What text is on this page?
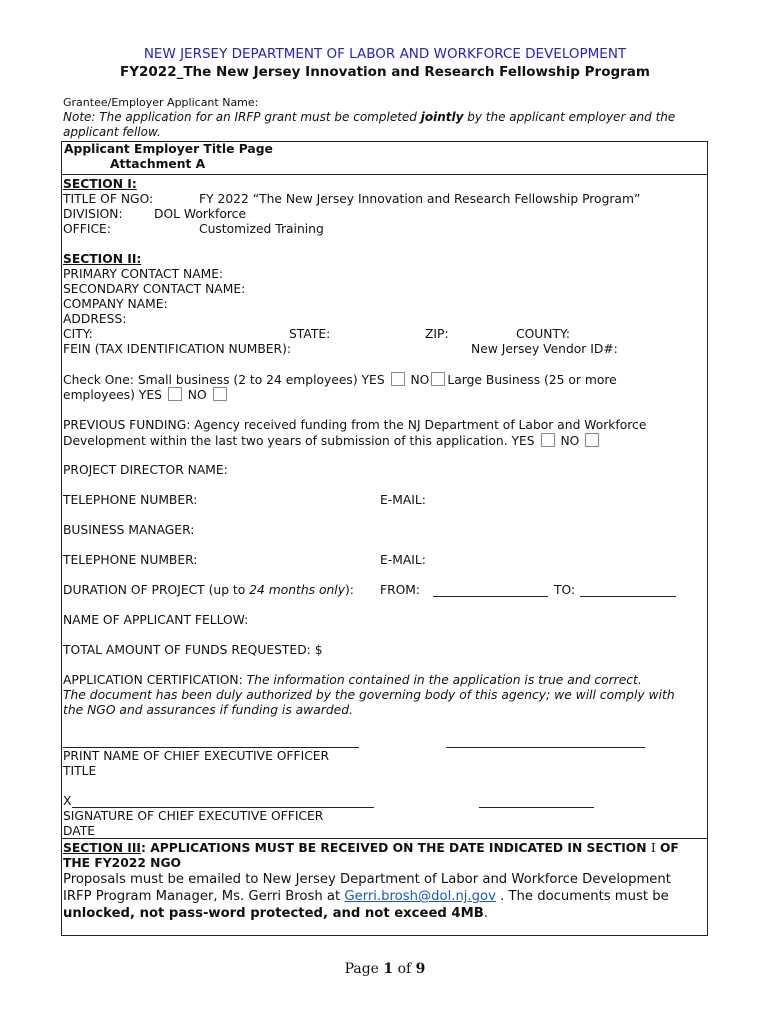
NEW JERSEY DEPARTMENT OF LABOR AND WORKFORCE DEVELOPMENT
FY2022_The New Jersey Innovation and Research Fellowship Program
Grantee/Employer Applicant Name:
Note: The application for an IRFP grant must be completed jointly by the applicant employer and the
applicant fellow.
Applicant Employer Title Page
Attachment A
SECTION I:
TITLE OF NGO:	FY 2022 “The New Jersey Innovation and Research Fellowship Program”
DIVISION:	DOL Workforce
OFFICE:	Customized Training
SECTION II:
PRIMARY CONTACT NAME:
SECONDARY CONTACT NAME:
COMPANY NAME:
ADDRESS:
CITY:	STATE:	ZIP:	COUNTY:
FEIN (TAX IDENTIFICATION NUMBER):	New Jersey Vendor ID#:
Check One: Small business (2 to 24 employees) YES NO Large Business (25 or more
employees) YES NO
PREVIOUS FUNDING: Agency received funding from the NJ Department of Labor and Workforce
Development within the last two years of submission of this application. YES NO
PROJECT DIRECTOR NAME:
TELEPHONE NUMBER:	E-MAIL:
BUSINESS MANAGER:
TELEPHONE NUMBER:	E-MAIL:
DURATION OF PROJECT (up to 24 months only): FROM:	TO:
NAME OF APPLICANT FELLOW:
TOTAL AMOUNT OF FUNDS REQUESTED: $
APPLICATION CERTIFICATION: The information contained in the application is true and correct.
The document has been duly authorized by the governing body of this agency; we will comply with
the NGO and assurances if funding is awarded.
PRINT NAME OF CHIEF EXECUTIVE OFFICER
TITLE
X
SIGNATURE OF CHIEF EXECUTIVE OFFICER
DATE
SECTION III: APPLICATIONS MUST BE RECEIVED ON THE DATE INDICATED IN SECTION I OF
THE FY2022 NGO
Proposals must be emailed to New Jersey Department of Labor and Workforce Development
IRFP Program Manager, Ms. Gerri Brosh at Gerri.brosh@dol.nj.gov . The documents must be
unlocked, not pass-word protected, and not exceed 4MB.
Page 1 of 9
